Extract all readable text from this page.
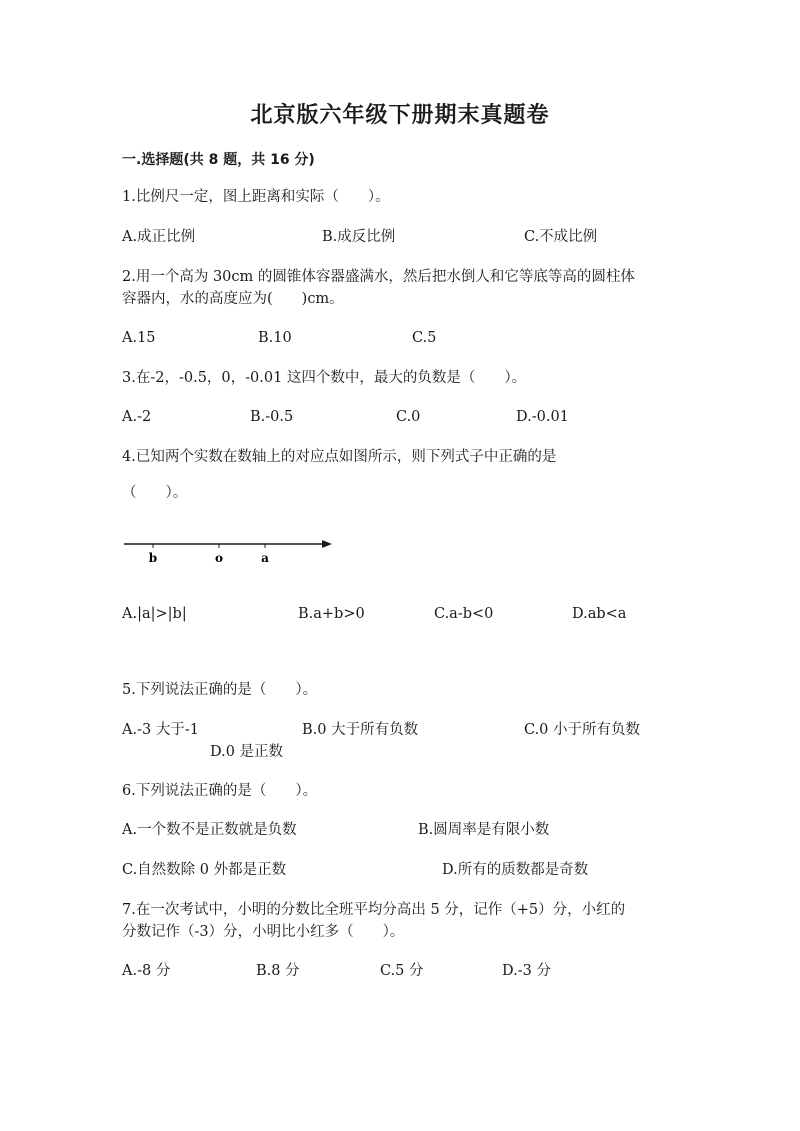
北京版六年级下册期末真题卷
一.选择题(共 8 题，共 16 分)
1.比例尺一定，图上距离和实际（　　）。
A.成正比例	B.成反比例	C.不成比例
2.用一个高为 30cm 的圆锥体容器盛满水，然后把水倒人和它等底等高的圆柱体
容器内，水的高度应为(　　)cm。
A.15	B.10	C.5
3.在-2，-0.5，0，-0.01 这四个数中，最大的负数是（　　）。
A.-2	B.-0.5	C.0	D.-0.01
4.已知两个实数在数轴上的对应点如图所示，则下列式子中正确的是
（　　）。
b	o	a
A.|a|>|b|	B.a+b>0	C.a-b<0	D.ab<a
5.下列说法正确的是（　　）。
A.-3 大于-1	B.0 大于所有负数	C.0 小于所有负数
D.0 是正数
6.下列说法正确的是（　　）。
A.一个数不是正数就是负数	B.圆周率是有限小数
C.自然数除 0 外都是正数	D.所有的质数都是奇数
7.在一次考试中，小明的分数比全班平均分高出 5 分，记作（+5）分，小红的
分数记作（-3）分，小明比小红多（　　）。
A.-8 分	B.8 分	C.5 分	D.-3 分
